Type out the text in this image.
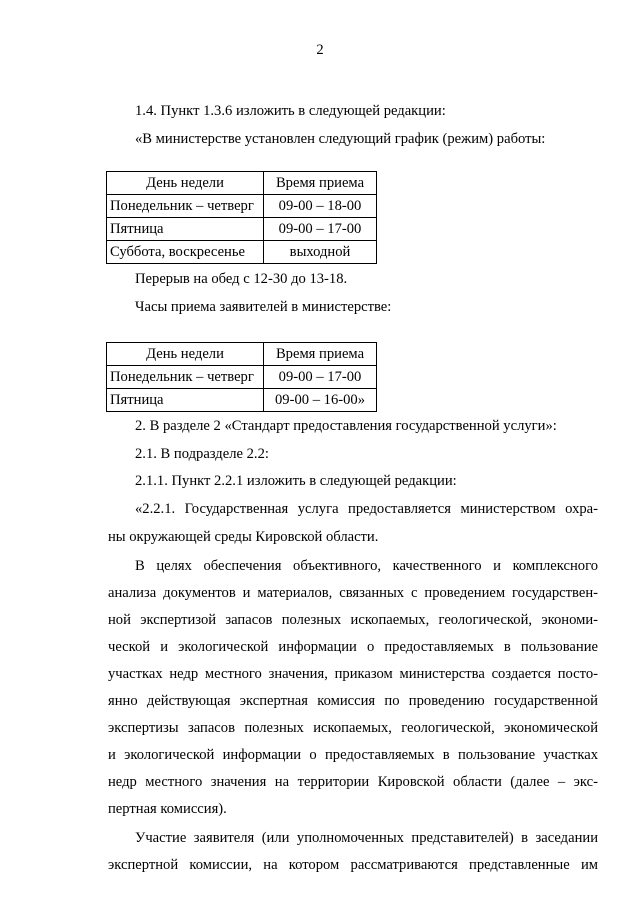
2
1.4. Пункт 1.3.6 изложить в следующей редакции:
«В министерстве установлен следующий график (режим) работы:
День недели	Время приема
Понедельник – четверг	09-00 – 18-00
Пятница	09-00 – 17-00
Суббота, воскресенье	выходной
Перерыв на обед с 12-30 до 13-18.
Часы приема заявителей в министерстве:
День недели	Время приема
Понедельник – четверг	09-00 – 17-00
Пятница	09-00 – 16-00»
2. В разделе 2 «Стандарт предоставления государственной услуги»:
2.1. В подразделе 2.2:
2.1.1. Пункт 2.2.1 изложить в следующей редакции:
«2.2.1. Государственная услуга предоставляется министерством охра-
ны окружающей среды Кировской области.
В целях обеспечения объективного, качественного и комплексного
анализа документов и материалов, связанных с проведением государствен-
ной экспертизой запасов полезных ископаемых, геологической, экономи-
ческой и экологической информации о предоставляемых в пользование
участках недр местного значения, приказом министерства создается посто-
янно действующая экспертная комиссия по проведению государственной
экспертизы запасов полезных ископаемых, геологической, экономической
и экологической информации о предоставляемых в пользование участках
недр местного значения на территории Кировской области (далее – экс-
пертная комиссия).
Участие заявителя (или уполномоченных представителей) в заседании
экспертной комиссии, на котором рассматриваются представленные им
